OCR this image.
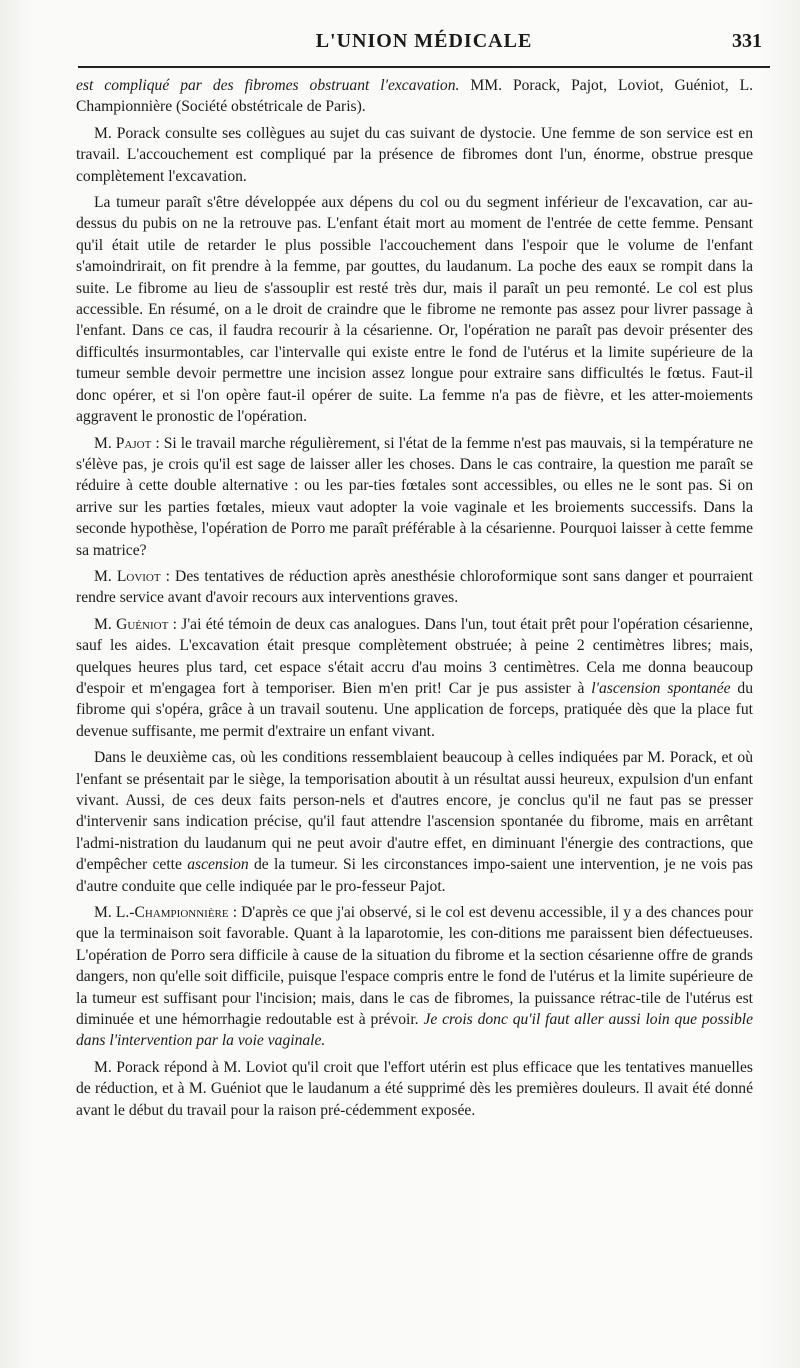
L'UNION MÉDICALE	331

est compliqué par des fibromes obstruant l'excavation. MM. Porack, Pajot, Loviot, Guéniot, L. Championnière (Société obstétricale de Paris).

M. Porack consulte ses collègues au sujet du cas suivant de dystocie. Une femme de son service est en travail. L'accouchement est compliqué par la présence de fibromes dont l'un, énorme, obstrue presque complètement l'excavation.

La tumeur paraît s'être développée aux dépens du col ou du segment inférieur de l'excavation, car au-dessus du pubis on ne la retrouve pas. L'enfant était mort au moment de l'entrée de cette femme. Pensant qu'il était utile de retarder le plus possible l'accouchement dans l'espoir que le volume de l'enfant s'amoindrirait, on fit prendre à la femme, par gouttes, du laudanum. La poche des eaux se rompit dans la suite. Le fibrome au lieu de s'assouplir est resté très dur, mais il paraît un peu remonté. Le col est plus accessible. En résumé, on a le droit de craindre que le fibrome ne remonte pas assez pour livrer passage à l'enfant. Dans ce cas, il faudra recourir à la césarienne. Or, l'opération ne paraît pas devoir présenter des difficultés insurmontables, car l'intervalle qui existe entre le fond de l'utérus et la limite supérieure de la tumeur semble devoir permettre une incision assez longue pour extraire sans difficultés le fœtus. Faut-il donc opérer, et si l'on opère faut-il opérer de suite. La femme n'a pas de fièvre, et les atter-moiements aggravent le pronostic de l'opération.

M. Pajot : Si le travail marche régulièrement, si l'état de la femme n'est pas mauvais, si la température ne s'élève pas, je crois qu'il est sage de laisser aller les choses. Dans le cas contraire, la question me paraît se réduire à cette double alternative : ou les par-ties fœtales sont accessibles, ou elles ne le sont pas. Si on arrive sur les parties fœtales, mieux vaut adopter la voie vaginale et les broiements successifs. Dans la seconde hypothèse, l'opération de Porro me paraît préférable à la césarienne. Pourquoi laisser à cette femme sa matrice?

M. Loviot : Des tentatives de réduction après anesthésie chloroformique sont sans danger et pourraient rendre service avant d'avoir recours aux interventions graves.

M. Guéniot : J'ai été témoin de deux cas analogues. Dans l'un, tout était prêt pour l'opération césarienne, sauf les aides. L'excavation était presque complètement obstruée; à peine 2 centimètres libres; mais, quelques heures plus tard, cet espace s'était accru d'au moins 3 centimètres. Cela me donna beaucoup d'espoir et m'engagea fort à temporiser. Bien m'en prit! Car je pus assister à l'ascension spontanée du fibrome qui s'opéra, grâce à un travail soutenu. Une application de forceps, pratiquée dès que la place fut devenue suffisante, me permit d'extraire un enfant vivant.

Dans le deuxième cas, où les conditions ressemblaient beaucoup à celles indiquées par M. Porack, et où l'enfant se présentait par le siège, la temporisation aboutit à un résultat aussi heureux, expulsion d'un enfant vivant. Aussi, de ces deux faits person-nels et d'autres encore, je conclus qu'il ne faut pas se presser d'intervenir sans indication précise, qu'il faut attendre l'ascension spontanée du fibrome, mais en arrêtant l'admi-nistration du laudanum qui ne peut avoir d'autre effet, en diminuant l'énergie des contractions, que d'empêcher cette ascension de la tumeur. Si les circonstances impo-saient une intervention, je ne vois pas d'autre conduite que celle indiquée par le pro-fesseur Pajot.

M. L.-Championnière : D'après ce que j'ai observé, si le col est devenu accessible, il y a des chances pour que la terminaison soit favorable. Quant à la laparotomie, les con-ditions me paraissent bien défectueuses. L'opération de Porro sera difficile à cause de la situation du fibrome et la section césarienne offre de grands dangers, non qu'elle soit difficile, puisque l'espace compris entre le fond de l'utérus et la limite supérieure de la tumeur est suffisant pour l'incision; mais, dans le cas de fibromes, la puissance rétrac-tile de l'utérus est diminuée et une hémorrhagie redoutable est à prévoir. Je crois donc qu'il faut aller aussi loin que possible dans l'intervention par la voie vaginale.

M. Porack répond à M. Loviot qu'il croit que l'effort utérin est plus efficace que les tentatives manuelles de réduction, et à M. Guéniot que le laudanum a été supprimé dès les premières douleurs. Il avait été donné avant le début du travail pour la raison pré-cédemment exposée.
